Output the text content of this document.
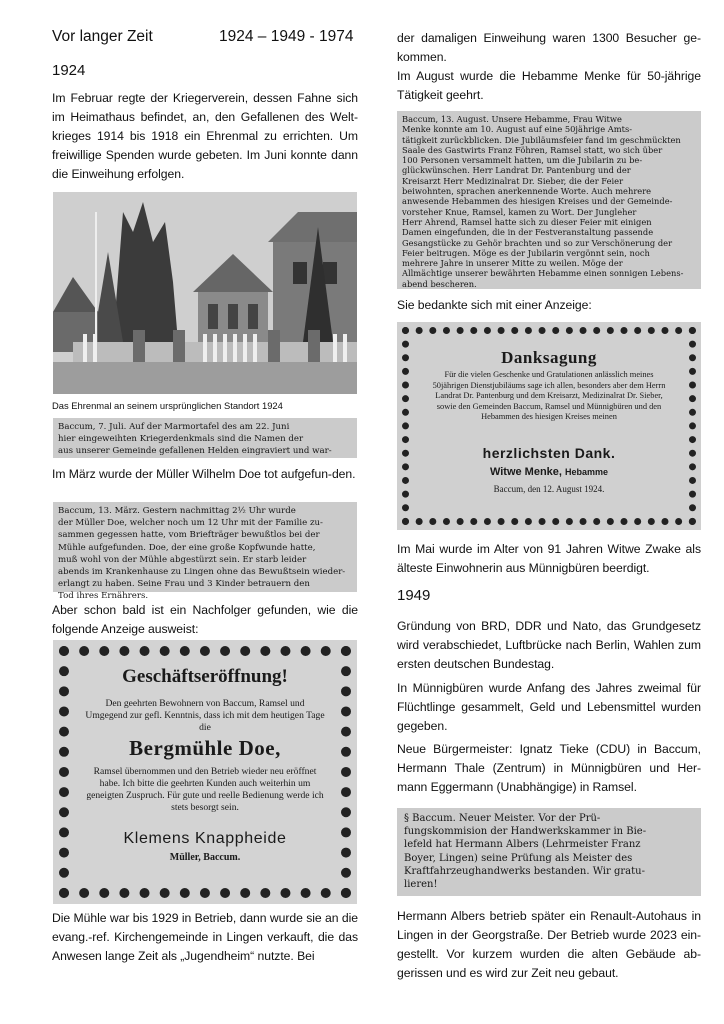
Vor langer Zeit	1924 – 1949 - 1974
1924

Im Februar regte der Kriegerverein, dessen Fahne sich im Heimathaus befindet, an, den Gefallenen des Welt-krieges 1914 bis 1918 ein Ehrenmal zu errichten. Um freiwillige Spenden wurde gebeten. Im Juni konnte dann die Einweihung erfolgen.

Das Ehrenmal an seinem ursprünglichen Standort 1924
Baccum, 7. Juli. Auf der Marmortafel des am 22. Juni
hier eingeweihten Kriegerdenkmals sind die Namen der
aus unserer Gemeinde gefallenen Helden eingraviert und war-

Im März wurde der Müller Wilhelm Doe tot aufgefun-den.

Baccum, 13. März. Gestern nachmittag 2½ Uhr wurde
der Müller Doe, welcher noch um 12 Uhr mit der Familie zu-
sammen gegessen hatte, vom Briefträger bewußtlos bei der
Mühle aufgefunden. Doe, der eine große Kopfwunde hatte,
muß wohl von der Mühle abgestürzt sein. Er starb leider
abends im Krankenhause zu Lingen ohne das Bewußtsein wieder-
erlangt zu haben. Seine Frau und 3 Kinder betrauern den
Tod ihres Ernährers.

Aber schon bald ist ein Nachfolger gefunden, wie die folgende Anzeige ausweist:

Geschäftseröffnung!
Den geehrten Bewohnern von Baccum, Ramsel und Umgegend zur gefl. Kenntnis, dass ich mit dem heutigen Tage die
Bergmühle Doe,
Ramsel übernommen und den Betrieb wieder neu eröffnet habe. Ich bitte die geehrten Kunden auch weiterhin um geneigten Zuspruch. Für gute und reelle Bedienung werde ich stets besorgt sein.
Klemens Knappheide
Müller, Baccum.

Die Mühle war bis 1929 in Betrieb, dann wurde sie an die evang.-ref. Kirchengemeinde in Lingen verkauft, die das Anwesen lange Zeit als „Jugendheim“ nutzte. Bei

der damaligen Einweihung waren 1300 Besucher ge-kommen.

Im August wurde die Hebamme Menke für 50-jährige Tätigkeit geehrt.

Baccum, 13. August. Unsere Hebamme, Frau Witwe
Menke konnte am 10. August auf eine 50jährige Amts-
tätigkeit zurückblicken. Die Jubiläumsfeier fand im geschmückten
Saale des Gastwirts Franz Föhren, Ramsel statt, wo sich über
100 Personen versammelt hatten, um die Jubilarin zu be-
glückwünschen. Herr Landrat Dr. Pantenburg und der
Kreisarzt Herr Medizinalrat Dr. Sieber, die der Feier
beiwohnten, sprachen anerkennende Worte. Auch mehrere
anwesende Hebammen des hiesigen Kreises und der Gemeinde-
vorsteher Knue, Ramsel, kamen zu Wort. Der Jungleher
Herr Ahrend, Ramsel hatte sich zu dieser Feier mit einigen
Damen eingefunden, die in der Festveranstaltung passende
Gesangstücke zu Gehör brachten und so zur Verschönerung der
Feier beitrugen. Möge es der Jubilarin vergönnt sein, noch
mehrere Jahre in unserer Mitte zu weilen. Möge der
Allmächtige unserer bewährten Hebamme einen sonnigen Lebens-
abend bescheren.

Sie bedankte sich mit einer Anzeige:

Danksagung
Für die vielen Geschenke und Gratulationen anlässlich meines 50jährigen Dienstjubiläums sage ich allen, besonders aber dem Herrn Landrat Dr. Pantenburg und dem Kreisarzt, Medizinalrat Dr. Sieber, sowie den Gemeinden Baccum, Ramsel und Münnigbüren und den Hebammen des hiesigen Kreises meinen
herzlichsten Dank.
Witwe Menke, Hebamme
Baccum, den 12. August 1924.

Im Mai wurde im Alter von 91 Jahren Witwe Zwake als älteste Einwohnerin aus Münnigbüren beerdigt.

1949

Gründung von BRD, DDR und Nato, das Grundgesetz wird verabschiedet, Luftbrücke nach Berlin, Wahlen zum ersten deutschen Bundestag.

In Münnigbüren wurde Anfang des Jahres zweimal für Flüchtlinge gesammelt, Geld und Lebensmittel wurden gegeben.

Neue Bürgermeister: Ignatz Tieke (CDU) in Baccum, Hermann Thale (Zentrum) in Münnigbüren und Her-mann Eggermann (Unabhängige) in Ramsel.

§ Baccum. Neuer Meister. Vor der Prü-
fungskommision der Handwerkskammer in Bie-
lefeld hat Hermann Albers (Lehrmeister Franz
Boyer, Lingen) seine Prüfung als Meister des
Kraftfahrzeughandwerks bestanden. Wir gratu-
lieren!

Hermann Albers betrieb später ein Renault-Autohaus in Lingen in der Georgstraße. Der Betrieb wurde 2023 ein-gestellt. Vor kurzem wurden die alten Gebäude ab-gerissen und es wird zur Zeit neu gebaut.
